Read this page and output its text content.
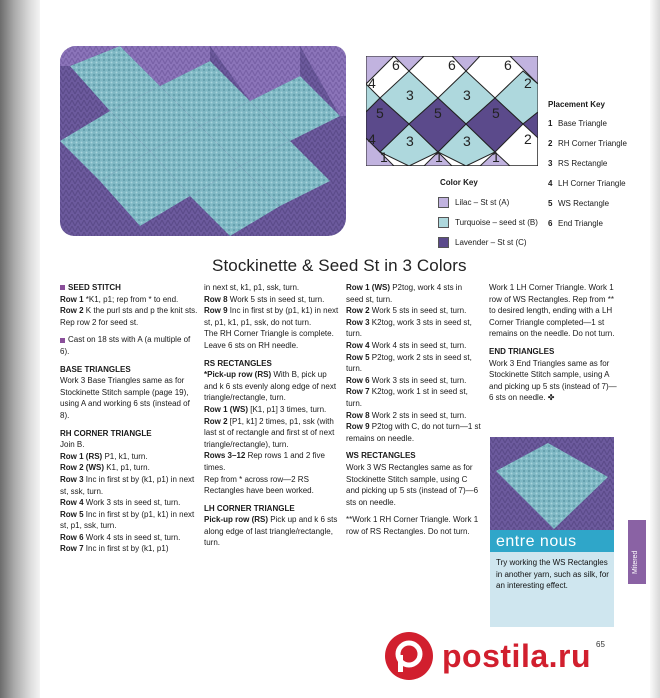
4
6
3
6
3
6
2
5	5
4 3	3	2
1	1	1
5
Placement Key
1 Base Triangle
2 RH Corner Triangle
3 RS Rectangle
4 LH Corner Triangle
5 WS Rectangle
6 End Triangle
Color Key
Lilac – St st (A)
Turquoise – seed st (B)
Lavender – St st (C)
Stockinette & Seed St in 3 Colors

SEED STITCH

Row 1 *K1, p1; rep from * to end.

Row 2 K the purl sts and p the knit sts.

Rep row 2 for seed st.

Cast on 18 sts with A (a multiple of 6).

BASE TRIANGLES

Work 3 Base Triangles same as for Stockinette Stitch sample (page 19), using A and working 6 sts (instead of 8).

RH CORNER TRIANGLE

Join B.

Row 1 (RS) P1, k1, turn.

Row 2 (WS) K1, p1, turn.

Row 3 Inc in first st by (k1, p1) in next st, ssk, turn.

Row 4 Work 3 sts in seed st, turn.

Row 5 Inc in first st by (p1, k1) in next st, p1, ssk, turn.

Row 6 Work 4 sts in seed st, turn.

Row 7 Inc in first st by (k1, p1)

in next st, k1, p1, ssk, turn.

Row 8 Work 5 sts in seed st, turn.

Row 9 Inc in first st by (p1, k1) in next st, p1, k1, p1, ssk, do not turn.

The RH Corner Triangle is complete. Leave 6 sts on RH needle.

RS RECTANGLES

*Pick-up row (RS) With B, pick up and k 6 sts evenly along edge of next triangle/rectangle, turn.

Row 1 (WS) [K1, p1] 3 times, turn.

Row 2 [P1, k1] 2 times, p1, ssk (with last st of rectangle and first st of next triangle/rectangle), turn.

Rows 3–12 Rep rows 1 and 2 five times.

Rep from * across row—2 RS Rectangles have been worked.

LH CORNER TRIANGLE

Pick-up row (RS) Pick up and k 6 sts along edge of last triangle/rectangle, turn.

Row 1 (WS) P2tog, work 4 sts in seed st, turn.

Row 2 Work 5 sts in seed st, turn.

Row 3 K2tog, work 3 sts in seed st, turn.

Row 4 Work 4 sts in seed st, turn.

Row 5 P2tog, work 2 sts in seed st, turn.

Row 6 Work 3 sts in seed st, turn.

Row 7 K2tog, work 1 st in seed st, turn.

Row 8 Work 2 sts in seed st, turn.

Row 9 P2tog with C, do not turn—1 st remains on needle.

WS RECTANGLES

Work 3 WS Rectangles same as for Stockinette Stitch sample, using C and picking up 5 sts (instead of 7)—6 sts on needle.

**Work 1 RH Corner Triangle. Work 1 row of RS Rectangles. Do not turn.

Work 1 LH Corner Triangle. Work 1 row of WS Rectangles. Rep from ** to desired length, ending with a LH Corner Triangle completed—1 st remains on the needle. Do not turn.

END TRIANGLES

Work 3 End Triangles same as for Stockinette Stitch sample, using A and picking up 5 sts (instead of 7)—6 sts on needle. ✤

entre nous
Try working the WS Rectangles in another yarn, such as silk, for an interesting effect.
Mitered
65
postila.ru
